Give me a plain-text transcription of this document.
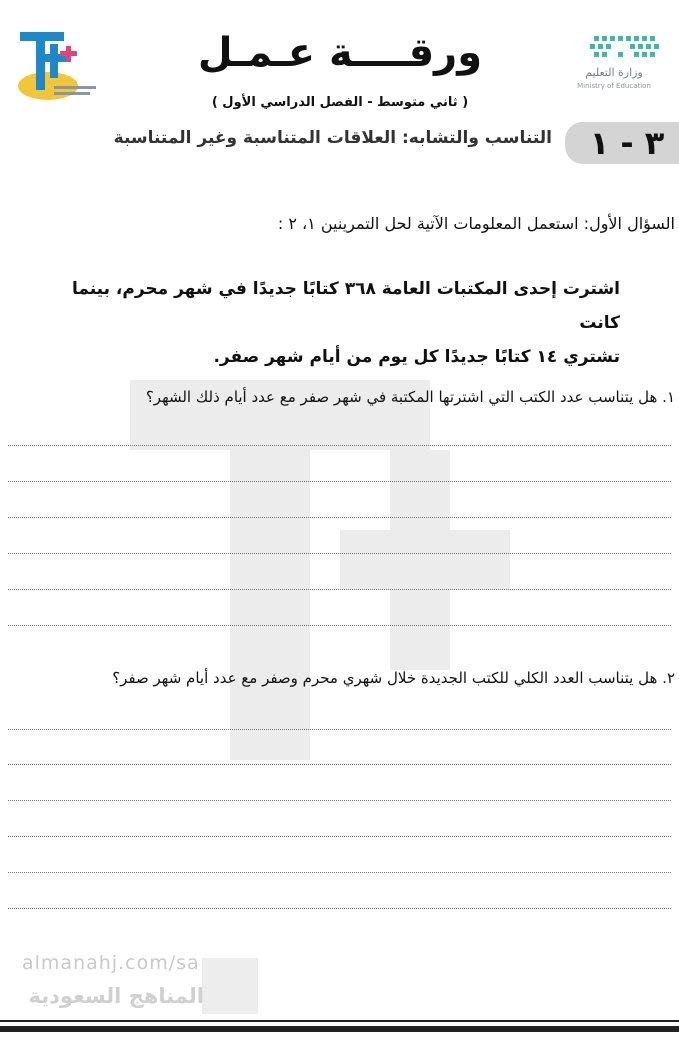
وزارة التعليم
Ministry of Education
ورقــــة عـمـل
( ثاني متوسط - الفصل الدراسي الأول )
٣ - ١
التناسب والتشابه: العلاقات المتناسبة وغير المتناسبة
السؤال الأول: استعمل المعلومات الآتية لحل التمرينين ١، ٢ :
اشترت إحدى المكتبات العامة ٣٦٨ كتابًا جديدًا في شهر محرم، بينما كانت
تشتري ١٤ كتابًا جديدًا كل يوم من أيام شهر صفر.
١. هل يتناسب عدد الكتب التي اشترتها المكتبة في شهر صفر مع عدد أيام ذلك الشهر؟
٢. هل يتناسب العدد الكلي للكتب الجديدة خلال شهري محرم وصفر مع عدد أيام شهر صفر؟
almanahj.com/sa
المناهج السعودية
